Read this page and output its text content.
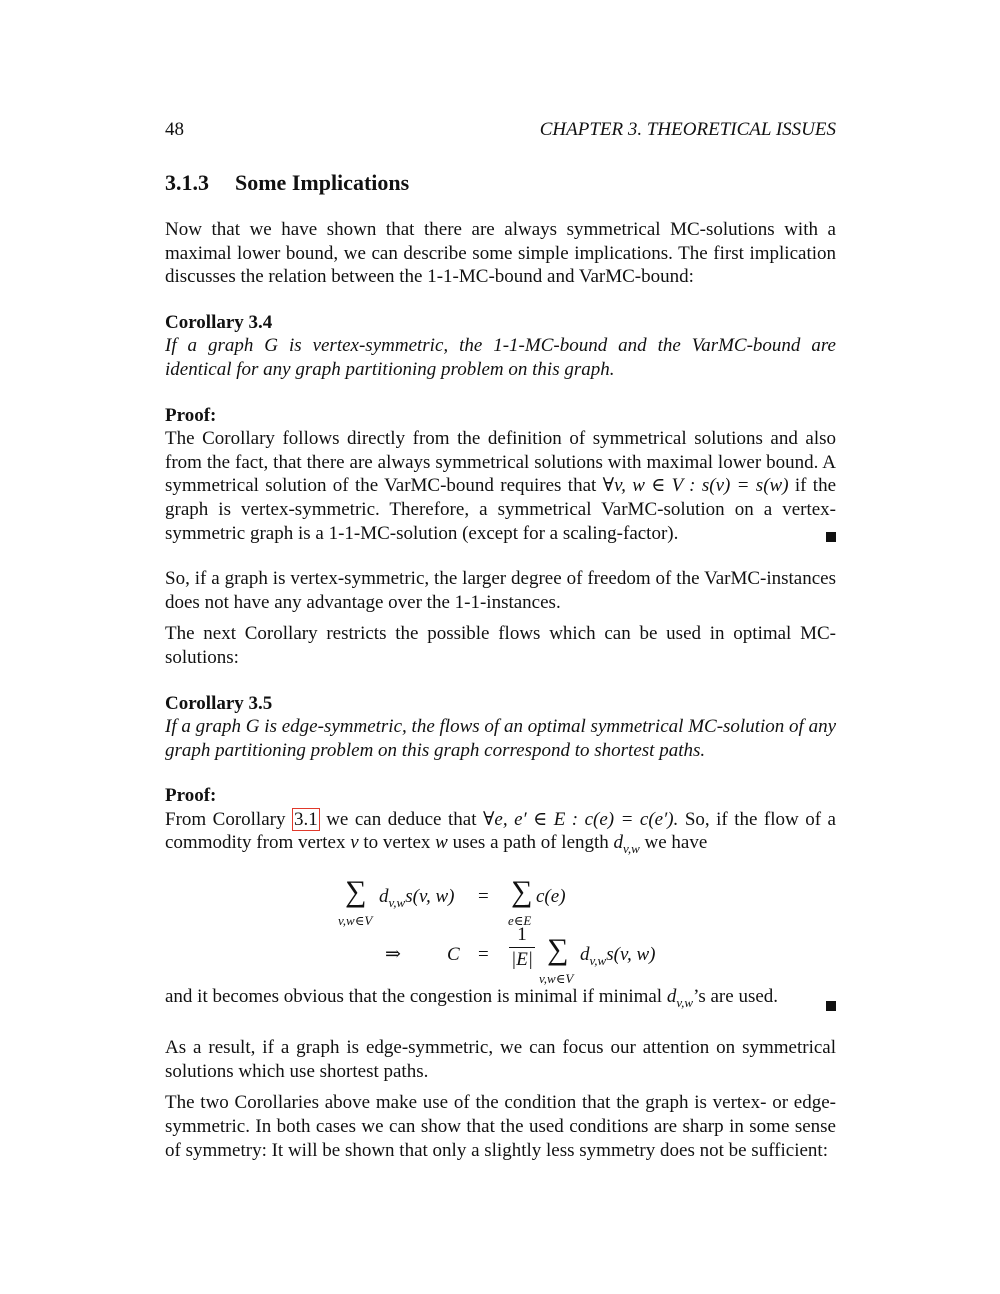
48	CHAPTER 3. THEORETICAL ISSUES
3.1.3 Some Implications

Now that we have shown that there are always symmetrical MC-solutions with a maximal lower bound, we can describe some simple implications. The first implication discusses the relation between the 1-1-MC-bound and VarMC-bound:

Corollary 3.4

If a graph G is vertex-symmetric, the 1-1-MC-bound and the VarMC-bound are identical for any graph partitioning problem on this graph.

Proof:

The Corollary follows directly from the definition of symmetrical solutions and also from the fact, that there are always symmetrical solutions with maximal lower bound. A symmetrical solution of the VarMC-bound requires that ∀v, w ∈ V : s(v) = s(w) if the graph is vertex-symmetric. Therefore, a symmetrical VarMC-solution on a vertex-symmetric graph is a 1-1-MC-solution (except for a scaling-factor).

So, if a graph is vertex-symmetric, the larger degree of freedom of the VarMC-instances does not have any advantage over the 1-1-instances.

The next Corollary restricts the possible flows which can be used in optimal MC-solutions:

Corollary 3.5

If a graph G is edge-symmetric, the flows of an optimal symmetrical MC-solution of any graph partitioning problem on this graph correspond to shortest paths.

Proof:

From Corollary 3.1 we can deduce that ∀e, e′ ∈ E : c(e) = c(e′). So, if the flow of a commodity from vertex v to vertex w uses a path of length $d_{v,w}$ we have

∑
v,w∈V
$d_{v,w}s(v$, w) = ∑
e∈E
c(e)
⇒ C =
1
|E| ∑
v,w∈V
$d_{v,w}s(v$, w)

and it becomes obvious that the congestion is minimal if minimal $d_{v,w}’s$ are used.

As a result, if a graph is edge-symmetric, we can focus our attention on symmetrical solutions which use shortest paths.

The two Corollaries above make use of the condition that the graph is vertex- or edge-symmetric. In both cases we can show that the used conditions are sharp in some sense of symmetry: It will be shown that only a slightly less symmetry does not be sufficient:
